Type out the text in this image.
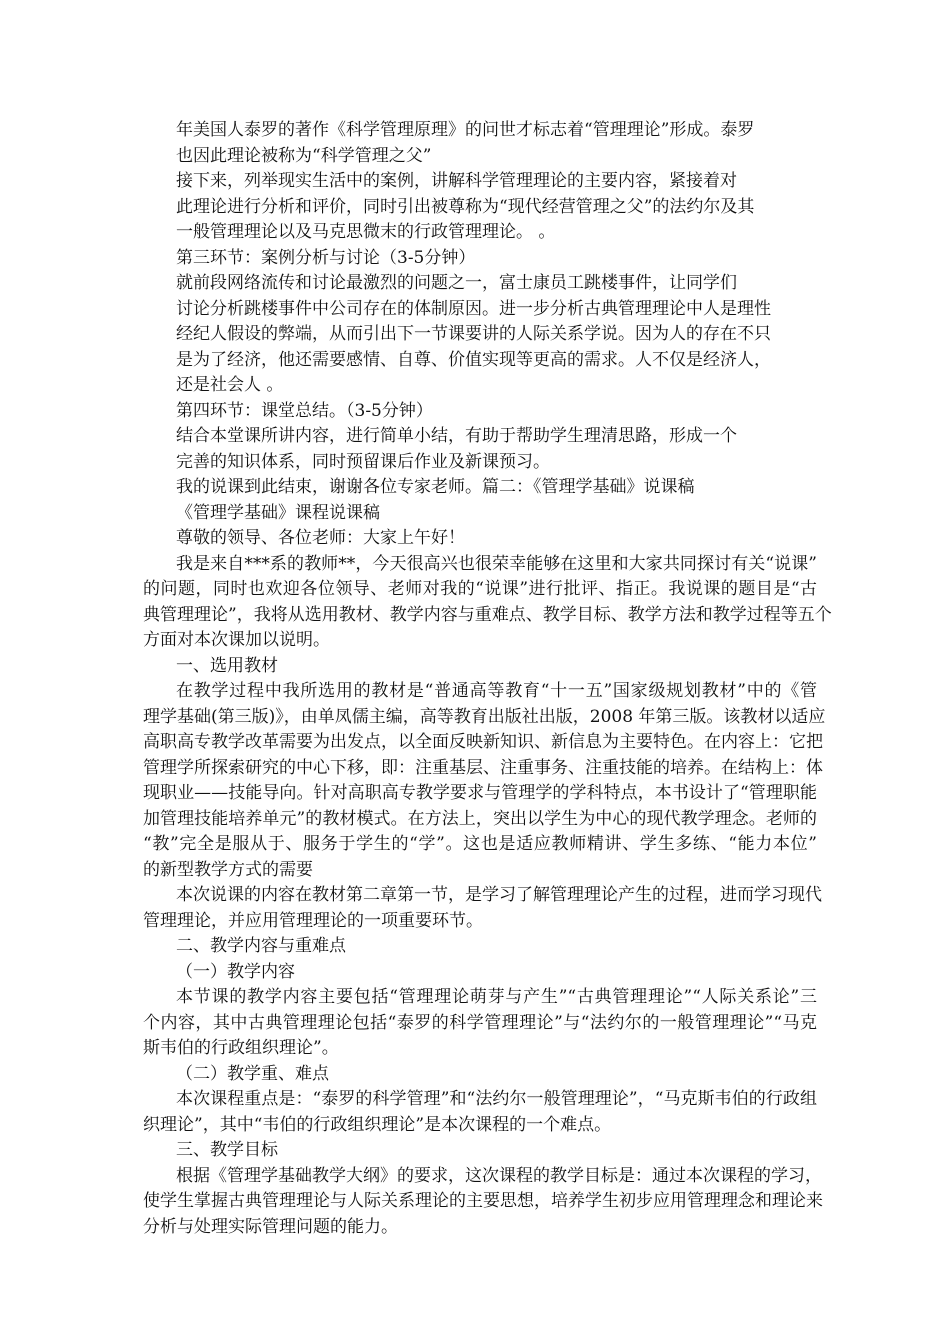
年美国人泰罗的著作《科学管理原理》的问世才标志着“管理理论”形成。泰罗

也因此理论被称为“科学管理之父”

接下来，列举现实生活中的案例，讲解科学管理理论的主要内容，紧接着对

此理论进行分析和评价，同时引出被尊称为“现代经营管理之父”的法约尔及其

一般管理理论以及马克思微末的行政管理理论。 。

第三环节：案例分析与讨论（3-5分钟）

就前段网络流传和讨论最激烈的问题之一，富士康员工跳楼事件，让同学们

讨论分析跳楼事件中公司存在的体制原因。进一步分析古典管理理论中人是理性

经纪人假设的弊端，从而引出下一节课要讲的人际关系学说。因为人的存在不只

是为了经济，他还需要感情、自尊、价值实现等更高的需求。人不仅是经济人，

还是社会人 。

第四环节：课堂总结。（3-5分钟）

结合本堂课所讲内容，进行简单小结，有助于帮助学生理清思路，形成一个

完善的知识体系，同时预留课后作业及新课预习。

我的说课到此结束，谢谢各位专家老师。篇二：《管理学基础》说课稿

《管理学基础》课程说课稿

尊敬的领导、各位老师：大家上午好！

我是来自***系的教师**，今天很高兴也很荣幸能够在这里和大家共同探讨有关“说课”

的问题，同时也欢迎各位领导、老师对我的“说课”进行批评、指正。我说课的题目是“古

典管理理论”，我将从选用教材、教学内容与重难点、教学目标、教学方法和教学过程等五个

方面对本次课加以说明。

一、选用教材

在教学过程中我所选用的教材是“普通高等教育“十一五”国家级规划教材”中的《管

理学基础(第三版)》，由单凤儒主编，高等教育出版社出版，2008 年第三版。该教材以适应

高职高专教学改革需要为出发点，以全面反映新知识、新信息为主要特色。在内容上：它把

管理学所探索研究的中心下移，即：注重基层、注重事务、注重技能的培养。在结构上：体

现职业——技能导向。针对高职高专教学要求与管理学的学科特点，本书设计了“管理职能

加管理技能培养单元”的教材模式。在方法上，突出以学生为中心的现代教学理念。老师的

“教”完全是服从于、服务于学生的“学”。这也是适应教师精讲、学生多练、“能力本位”

的新型教学方式的需要

本次说课的内容在教材第二章第一节，是学习了解管理理论产生的过程，进而学习现代

管理理论，并应用管理理论的一项重要环节。

二、教学内容与重难点

（一）教学内容

本节课的教学内容主要包括“管理理论萌芽与产生”“古典管理理论”“人际关系论”三

个内容，其中古典管理理论包括“泰罗的科学管理理论”与“法约尔的一般管理理论”“马克

斯韦伯的行政组织理论”。

（二）教学重、难点

本次课程重点是：“泰罗的科学管理”和“法约尔一般管理理论”，“马克斯韦伯的行政组

织理论”，其中“韦伯的行政组织理论”是本次课程的一个难点。

三、教学目标

根据《管理学基础教学大纲》的要求，这次课程的教学目标是：通过本次课程的学习，

使学生掌握古典管理理论与人际关系理论的主要思想，培养学生初步应用管理理念和理论来

分析与处理实际管理问题的能力。
